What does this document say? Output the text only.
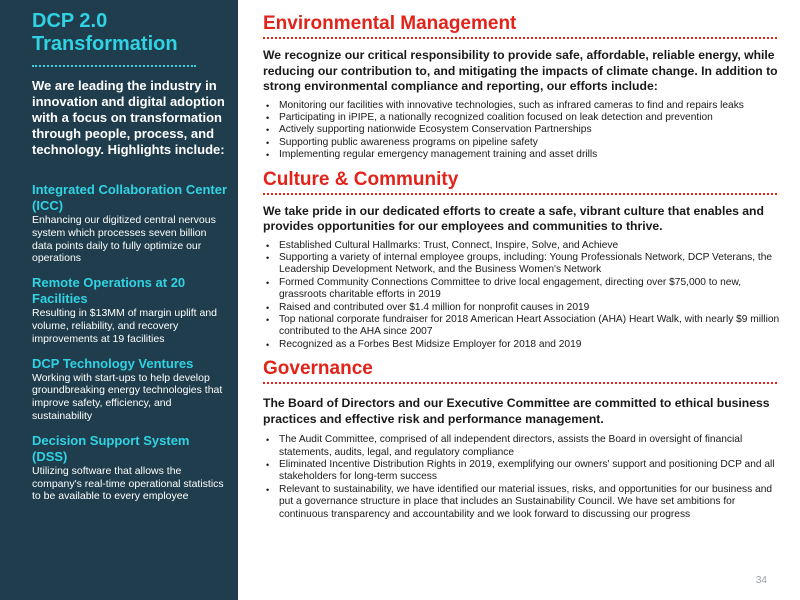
DCP 2.0
Transformation
We are leading the industry in innovation and digital adoption with a focus on transformation through people, process, and technology. Highlights include:
Integrated Collaboration Center (ICC)
Enhancing our digitized central nervous system which processes seven billion data points daily to fully optimize our operations
Remote Operations at 20 Facilities
Resulting in $13MM of margin uplift and volume, reliability, and recovery improvements at 19 facilities
DCP Technology Ventures
Working with start-ups to help develop groundbreaking energy technologies that improve safety, efficiency, and sustainability
Decision Support System (DSS)
Utilizing software that allows the company's real-time operational statistics to be available to every employee
Environmental Management
We recognize our critical responsibility to provide safe, affordable, reliable energy, while reducing our contribution to, and mitigating the impacts of climate change. In addition to strong environmental compliance and reporting, our efforts include:
• Monitoring our facilities with innovative technologies, such as infrared cameras to find and repairs leaks
• Participating in iPIPE, a nationally recognized coalition focused on leak detection and prevention
• Actively supporting nationwide Ecosystem Conservation Partnerships
• Supporting public awareness programs on pipeline safety
• Implementing regular emergency management training and asset drills
Culture & Community
We take pride in our dedicated efforts to create a safe, vibrant culture that enables and provides opportunities for our employees and communities to thrive.
• Established Cultural Hallmarks: Trust, Connect, Inspire, Solve, and Achieve
• Supporting a variety of internal employee groups, including: Young Professionals Network, DCP Veterans, the Leadership Development Network, and the Business Women's Network
• Formed Community Connections Committee to drive local engagement, directing over $75,000 to new, grassroots charitable efforts in 2019
• Raised and contributed over $1.4 million for nonprofit causes in 2019
• Top national corporate fundraiser for 2018 American Heart Association (AHA) Heart Walk, with nearly $9 million contributed to the AHA since 2007
• Recognized as a Forbes Best Midsize Employer for 2018 and 2019
Governance
The Board of Directors and our Executive Committee are committed to ethical business practices and effective risk and performance management.
• The Audit Committee, comprised of all independent directors, assists the Board in oversight of financial statements, audits, legal, and regulatory compliance
• Eliminated Incentive Distribution Rights in 2019, exemplifying our owners' support and positioning DCP and all stakeholders for long-term success
• Relevant to sustainability, we have identified our material issues, risks, and opportunities for our business and put a governance structure in place that includes an Sustainability Council. We have set ambitions for continuous transparency and accountability and we look forward to discussing our progress
34
